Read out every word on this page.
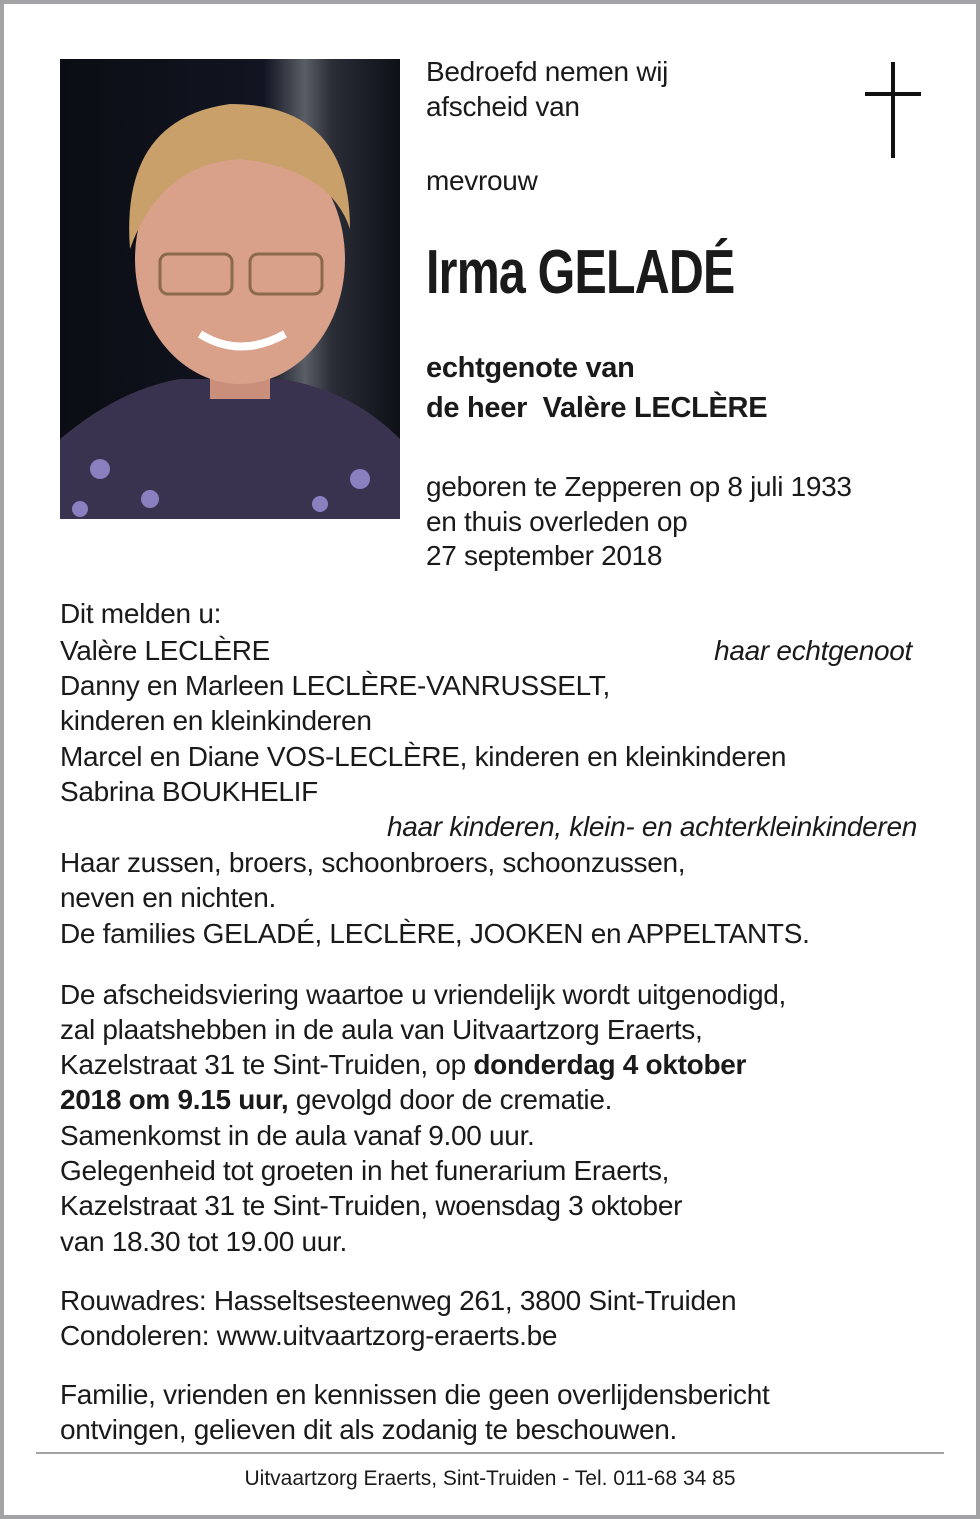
Bedroefd nemen wij
afscheid van
mevrouw
Irma GELADÉ
echtgenote van
de heer  Valère LECLÈRE
geboren te Zepperen op 8 juli 1933
en thuis overleden op
27 september 2018
Dit melden u:
Valère LECLÈRE	haar echtgenoot
Danny en Marleen LECLÈRE-VANRUSSELT,
kinderen en kleinkinderen
Marcel en Diane VOS-LECLÈRE, kinderen en kleinkinderen
Sabrina BOUKHELIF
haar kinderen, klein- en achterkleinkinderen
Haar zussen, broers, schoonbroers, schoonzussen,
neven en nichten.
De families GELADÉ, LECLÈRE, JOOKEN en APPELTANTS.
De afscheidsviering waartoe u vriendelijk wordt uitgenodigd,
zal plaatshebben in de aula van Uitvaartzorg Eraerts,
Kazelstraat 31 te Sint-Truiden, op donderdag 4 oktober
2018 om 9.15 uur, gevolgd door de crematie.
Samenkomst in de aula vanaf 9.00 uur.
Gelegenheid tot groeten in het funerarium Eraerts,
Kazelstraat 31 te Sint-Truiden, woensdag 3 oktober
van 18.30 tot 19.00 uur.
Rouwadres: Hasseltsesteenweg 261, 3800 Sint-Truiden
Condoleren: www.uitvaartzorg-eraerts.be
Familie, vrienden en kennissen die geen overlijdensbericht
ontvingen, gelieven dit als zodanig te beschouwen.
Uitvaartzorg Eraerts, Sint-Truiden - Tel. 011-68 34 85
